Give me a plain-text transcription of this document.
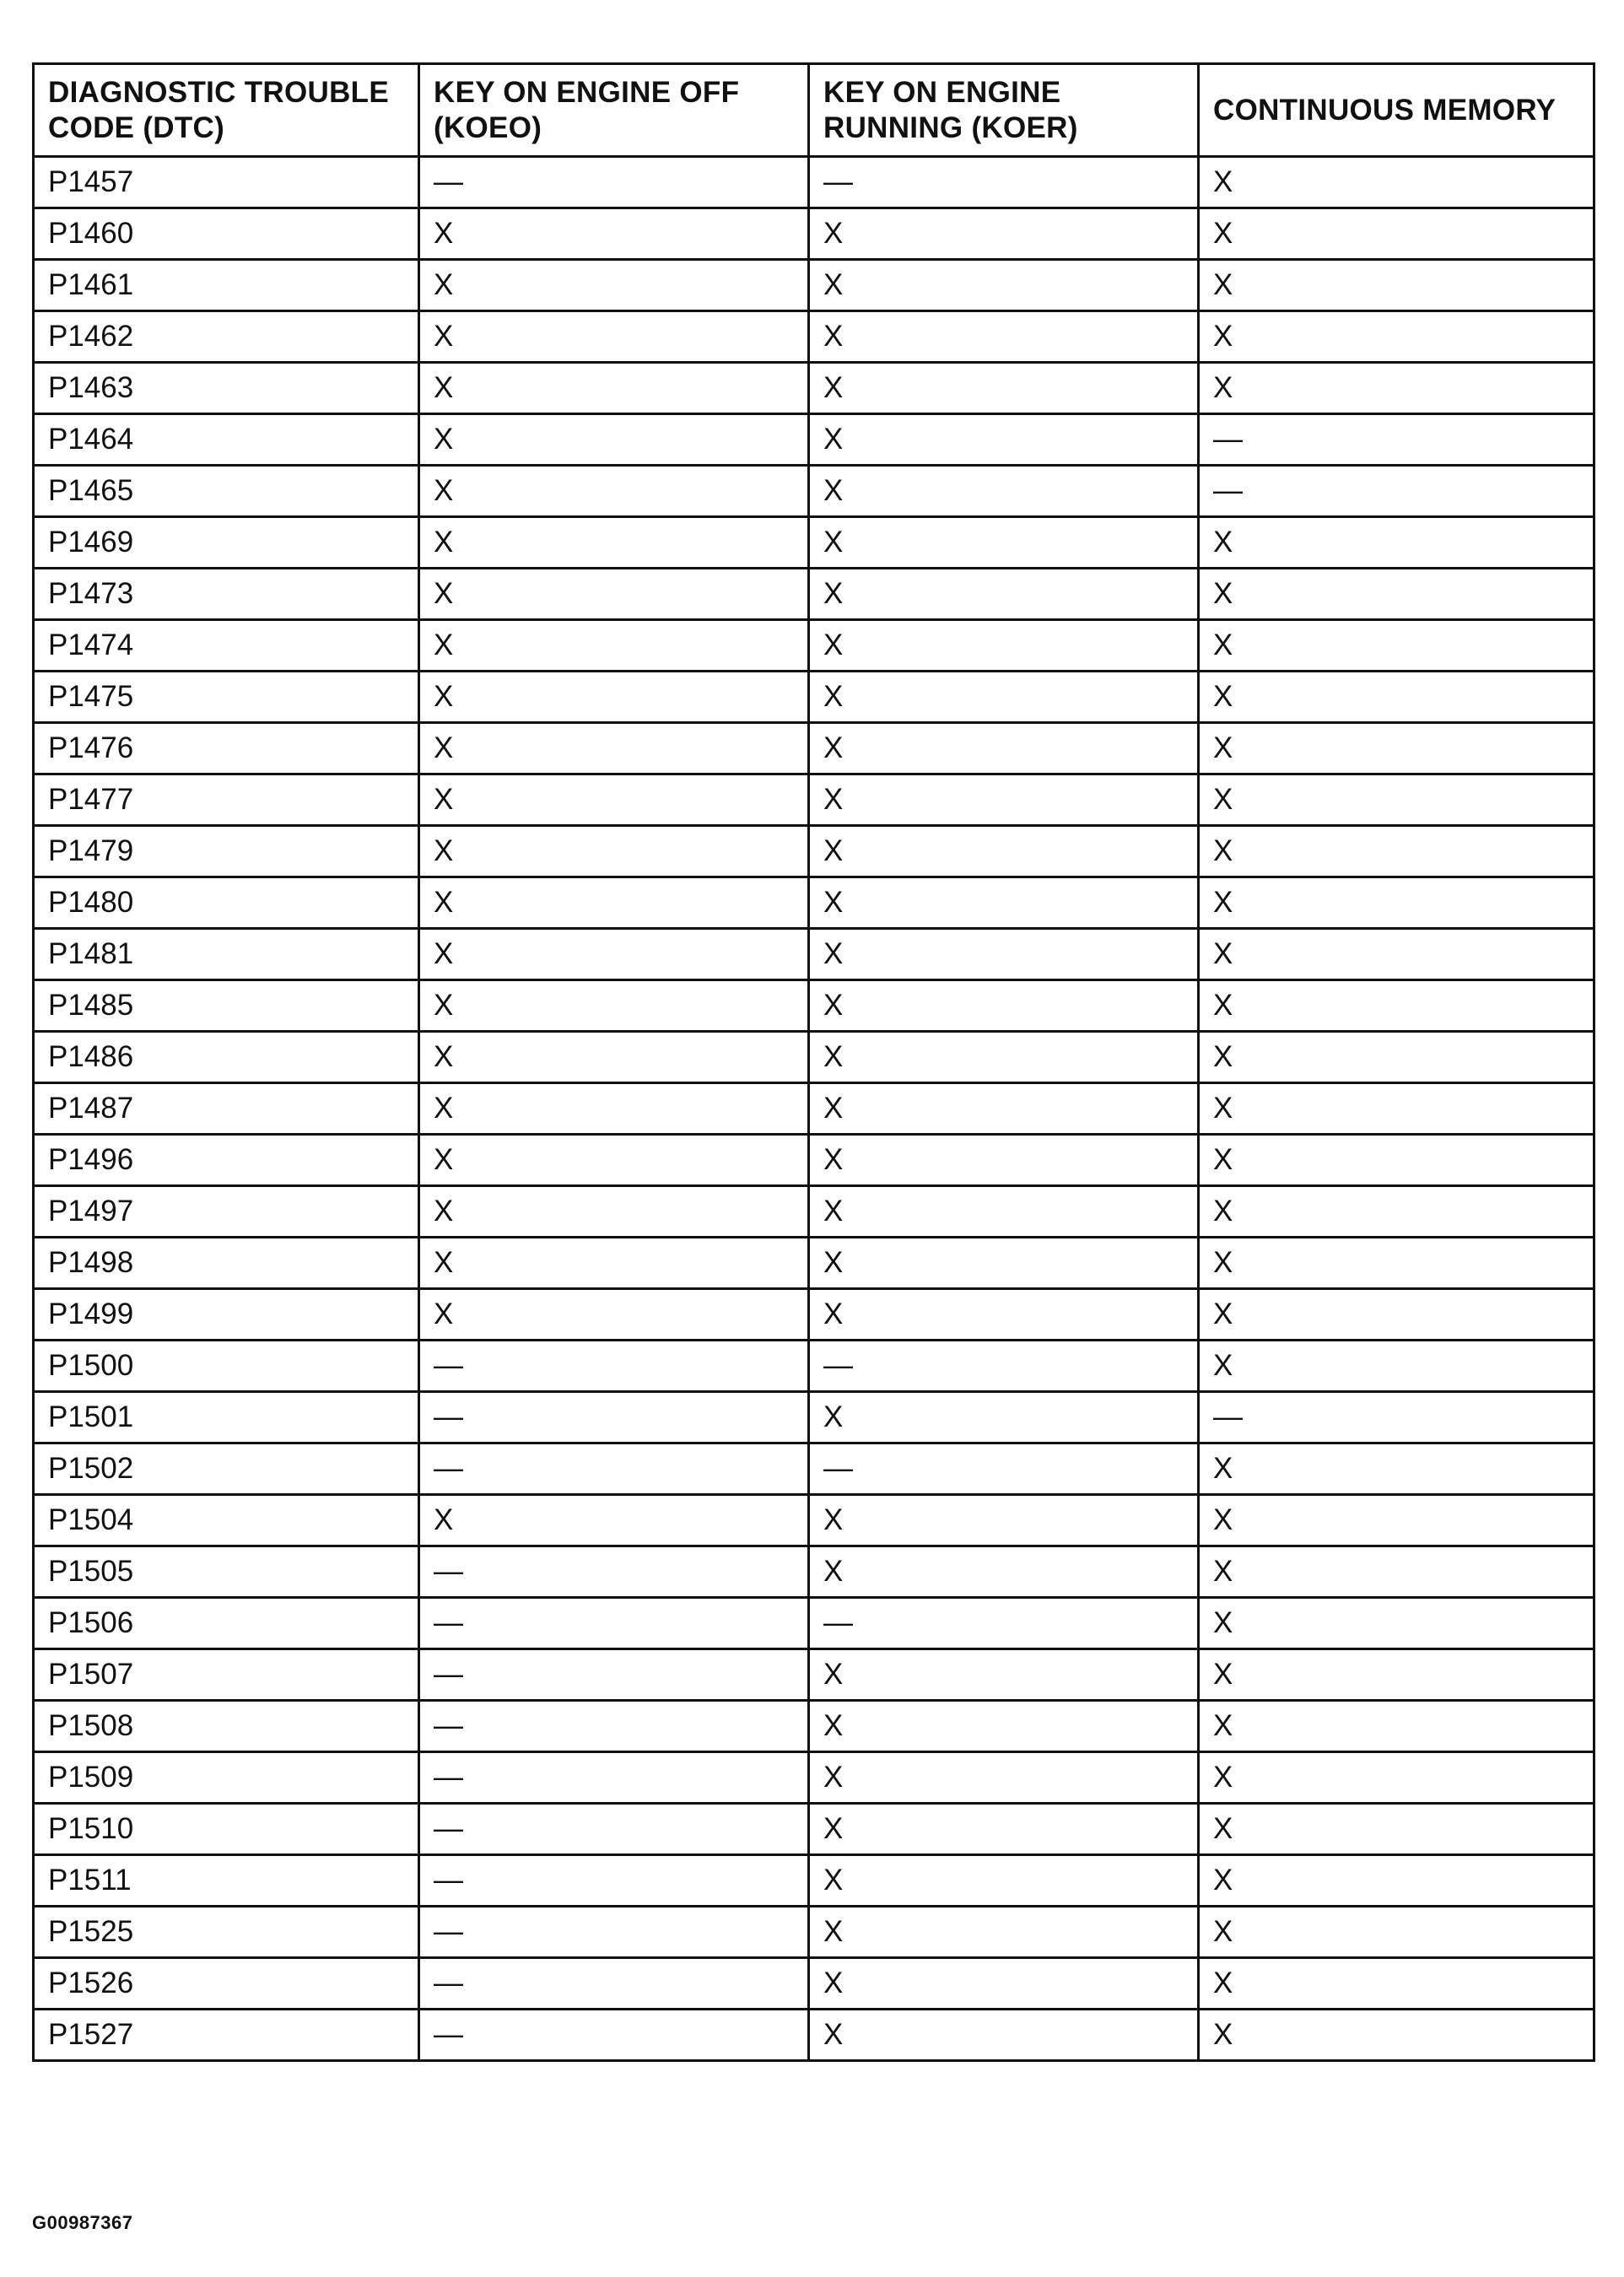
DIAGNOSTIC TROUBLE CODE (DTC)	KEY ON ENGINE OFF (KOEO)	KEY ON ENGINE RUNNING (KOER)	CONTINUOUS MEMORY
P1457	—	—	X
P1460	X	X	X
P1461	X	X	X
P1462	X	X	X
P1463	X	X	X
P1464	X	X	—
P1465	X	X	—
P1469	X	X	X
P1473	X	X	X
P1474	X	X	X
P1475	X	X	X
P1476	X	X	X
P1477	X	X	X
P1479	X	X	X
P1480	X	X	X
P1481	X	X	X
P1485	X	X	X
P1486	X	X	X
P1487	X	X	X
P1496	X	X	X
P1497	X	X	X
P1498	X	X	X
P1499	X	X	X
P1500	—	—	X
P1501	—	X	—
P1502	—	—	X
P1504	X	X	X
P1505	—	X	X
P1506	—	—	X
P1507	—	X	X
P1508	—	X	X
P1509	—	X	X
P1510	—	X	X
P1511	—	X	X
P1525	—	X	X
P1526	—	X	X
P1527	—	X	X
G00987367
